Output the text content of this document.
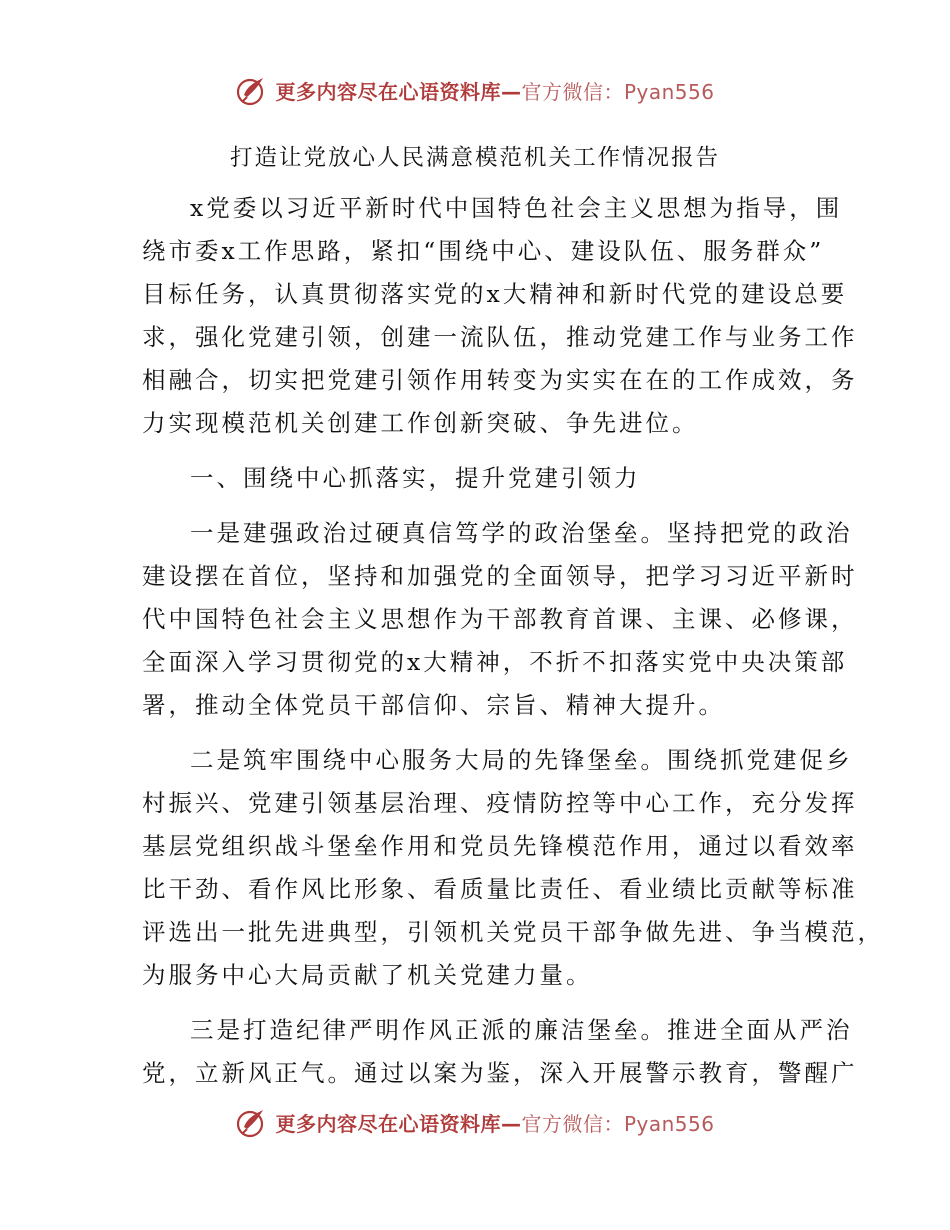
更多内容尽在心语资料库—官方微信：Pyan556
打造让党放心人民满意模范机关工作情况报告
x党委以习近平新时代中国特色社会主义思想为指导，围
绕市委x工作思路，紧扣“围绕中心、建设队伍、服务群众”
目标任务，认真贯彻落实党的x大精神和新时代党的建设总要
求，强化党建引领，创建一流队伍，推动党建工作与业务工作
相融合，切实把党建引领作用转变为实实在在的工作成效，务
力实现模范机关创建工作创新突破、争先进位。
一、围绕中心抓落实，提升党建引领力
一是建强政治过硬真信笃学的政治堡垒。坚持把党的政治
建设摆在首位，坚持和加强党的全面领导，把学习习近平新时
代中国特色社会主义思想作为干部教育首课、主课、必修课，
全面深入学习贯彻党的x大精神，不折不扣落实党中央决策部
署，推动全体党员干部信仰、宗旨、精神大提升。
二是筑牢围绕中心服务大局的先锋堡垒。围绕抓党建促乡
村振兴、党建引领基层治理、疫情防控等中心工作，充分发挥
基层党组织战斗堡垒作用和党员先锋模范作用，通过以看效率
比干劲、看作风比形象、看质量比责任、看业绩比贡献等标准
评选出一批先进典型，引领机关党员干部争做先进、争当模范，
为服务中心大局贡献了机关党建力量。
三是打造纪律严明作风正派的廉洁堡垒。推进全面从严治
党，立新风正气。通过以案为鉴，深入开展警示教育，警醒广
更多内容尽在心语资料库—官方微信：Pyan556
